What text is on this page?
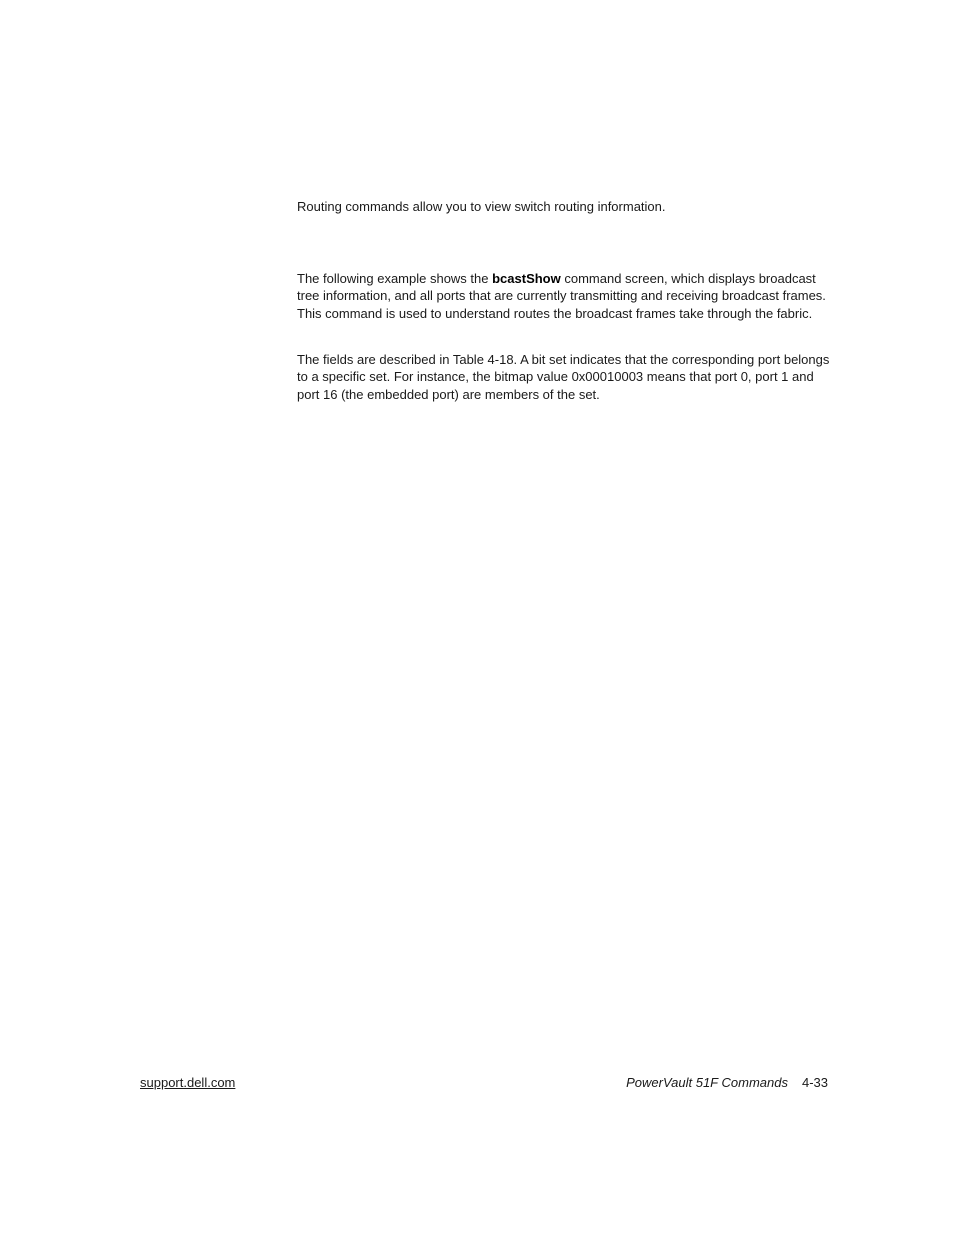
Routing commands allow you to view switch routing information.

The following example shows the bcastShow command screen, which displays broadcast tree information, and all ports that are currently transmitting and receiving broadcast frames. This command is used to understand routes the broadcast frames take through the fabric.

The fields are described in Table 4-18. A bit set indicates that the corresponding port belongs to a specific set. For instance, the bitmap value 0x00010003 means that port 0, port 1 and port 16 (the embedded port) are members of the set.

support.dell.com	PowerVault 51F Commands 4-33
